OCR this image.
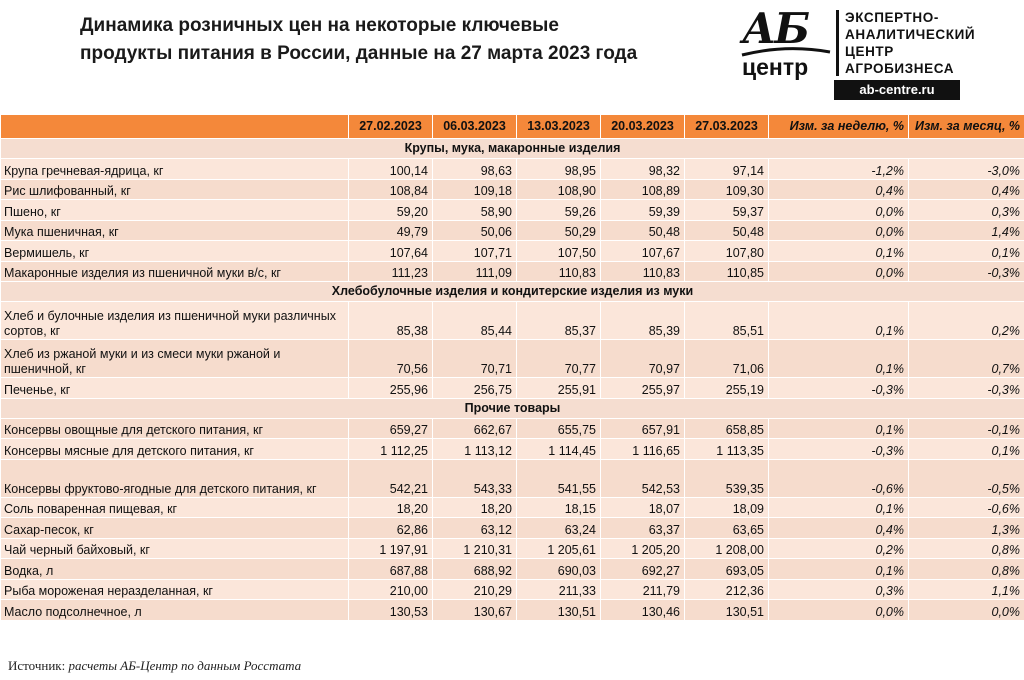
Динамика розничных цен на некоторые ключевые
продукты питания в России, данные на 27 марта 2023 года
АБ
центр
ЭКСПЕРТНО-
АНАЛИТИЧЕСКИЙ
ЦЕНТР
АГРОБИЗНЕСА
ab-centre.ru
	27.02.2023	06.03.2023	13.03.2023	20.03.2023	27.03.2023	Изм. за неделю, %	Изм. за месяц, %
Крупы, мука, макаронные изделия							
Крупа гречневая-ядрица, кг	100,14	98,63	98,95	98,32	97,14	-1,2%	-3,0%
Рис шлифованный, кг	108,84	109,18	108,90	108,89	109,30	0,4%	0,4%
Пшено, кг	59,20	58,90	59,26	59,39	59,37	0,0%	0,3%
Мука пшеничная, кг	49,79	50,06	50,29	50,48	50,48	0,0%	1,4%
Вермишель, кг	107,64	107,71	107,50	107,67	107,80	0,1%	0,1%
Макаронные изделия из пшеничной муки в/с, кг	111,23	111,09	110,83	110,83	110,85	0,0%	-0,3%
Хлебобулочные изделия и кондитерские изделия из муки							
Хлеб и булочные изделия из пшеничной муки различных сортов, кг	85,38	85,44	85,37	85,39	85,51	0,1%	0,2%
Хлеб из ржаной муки и из смеси муки ржаной и пшеничной, кг	70,56	70,71	70,77	70,97	71,06	0,1%	0,7%
Печенье, кг	255,96	256,75	255,91	255,97	255,19	-0,3%	-0,3%
Прочие товары							
Консервы овощные для детского питания, кг	659,27	662,67	655,75	657,91	658,85	0,1%	-0,1%
Консервы мясные для детского питания, кг	1 112,25	1 113,12	1 114,45	1 116,65	1 113,35	-0,3%	0,1%
Консервы фруктово-ягодные для детского питания, кг	542,21	543,33	541,55	542,53	539,35	-0,6%	-0,5%
Соль поваренная пищевая, кг	18,20	18,20	18,15	18,07	18,09	0,1%	-0,6%
Сахар-песок, кг	62,86	63,12	63,24	63,37	63,65	0,4%	1,3%
Чай черный байховый, кг	1 197,91	1 210,31	1 205,61	1 205,20	1 208,00	0,2%	0,8%
Водка, л	687,88	688,92	690,03	692,27	693,05	0,1%	0,8%
Рыба мороженая неразделанная, кг	210,00	210,29	211,33	211,79	212,36	0,3%	1,1%
Масло подсолнечное, л	130,53	130,67	130,51	130,46	130,51	0,0%	0,0%
Источник: расчеты АБ-Центр по данным Росстата
